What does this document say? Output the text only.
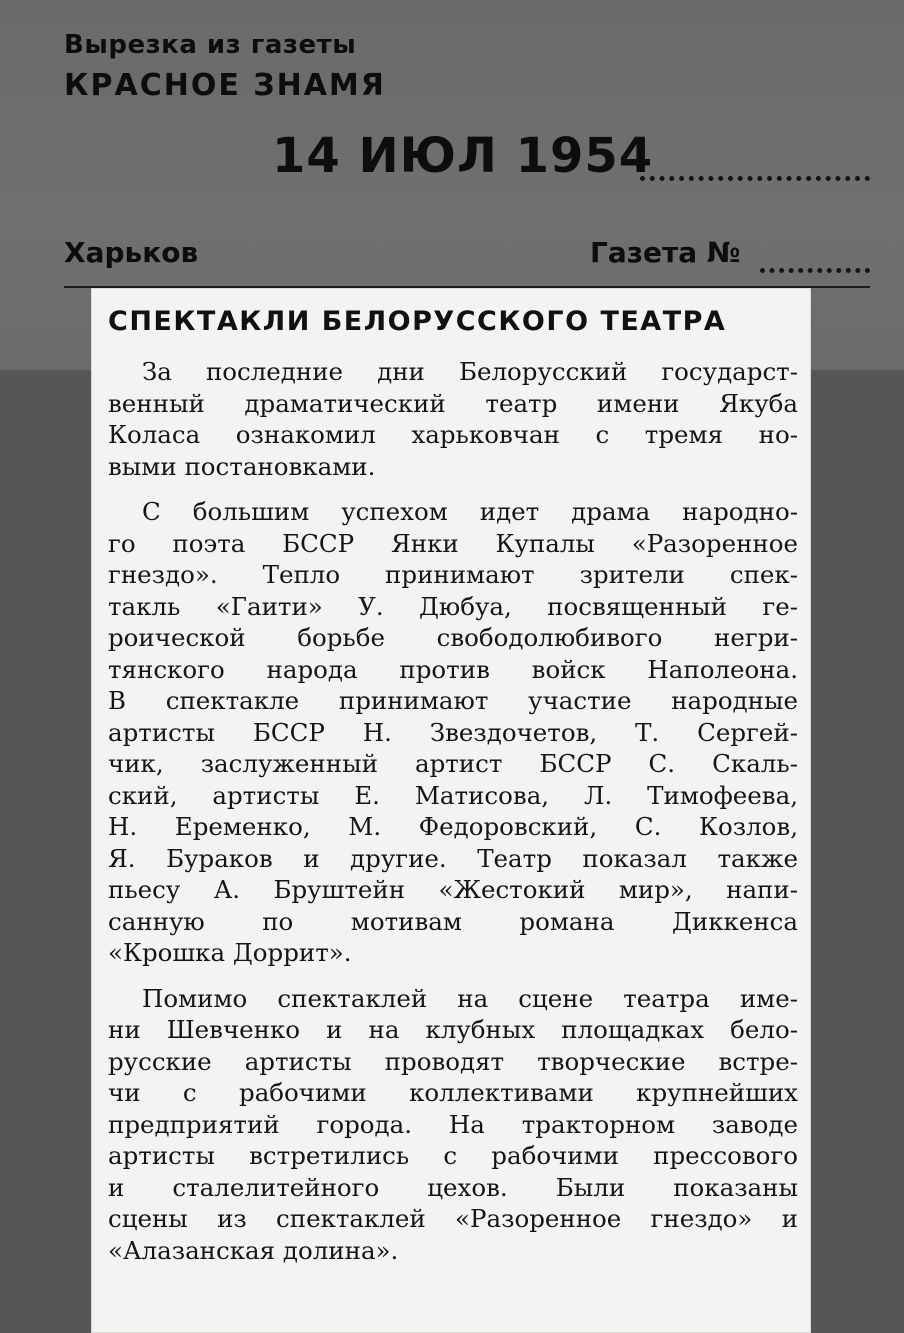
Вырезка из газеты
КРАСНОЕ ЗНАМЯ
14 ИЮЛ 1954
Харьков	Газета №
СПЕКТАКЛИ БЕЛОРУССКОГО ТЕАТРА
За последние дни Белорусский государст-
венный драматический театр имени Якуба
Коласа ознакомил харьковчан с тремя но-
выми постановками.
С большим успехом идет драма народно-
го поэта БССР Янки Купалы «Разоренное
гнездо». Тепло принимают зрители спек-
такль «Гаити» У. Дюбуа, посвященный ге-
роической борьбе свободолюбивого негри-
тянского народа против войск Наполеона.
В спектакле принимают участие народные
артисты БССР Н. Звездочетов, Т. Сергей-
чик, заслуженный артист БССР С. Скаль-
ский, артисты Е. Матисова, Л. Тимофеева,
Н. Еременко, М. Федоровский, С. Козлов,
Я. Бураков и другие. Театр показал также
пьесу А. Бруштейн «Жестокий мир», напи-
санную по мотивам романа Диккенса
«Крошка Доррит».
Помимо спектаклей на сцене театра име-
ни Шевченко и на клубных площадках бело-
русские артисты проводят творческие встре-
чи с рабочими коллективами крупнейших
предприятий города. На тракторном заводе
артисты встретились с рабочими прессового
и сталелитейного цехов. Были показаны
сцены из спектаклей «Разоренное гнездо» и
«Алазанская долина».
